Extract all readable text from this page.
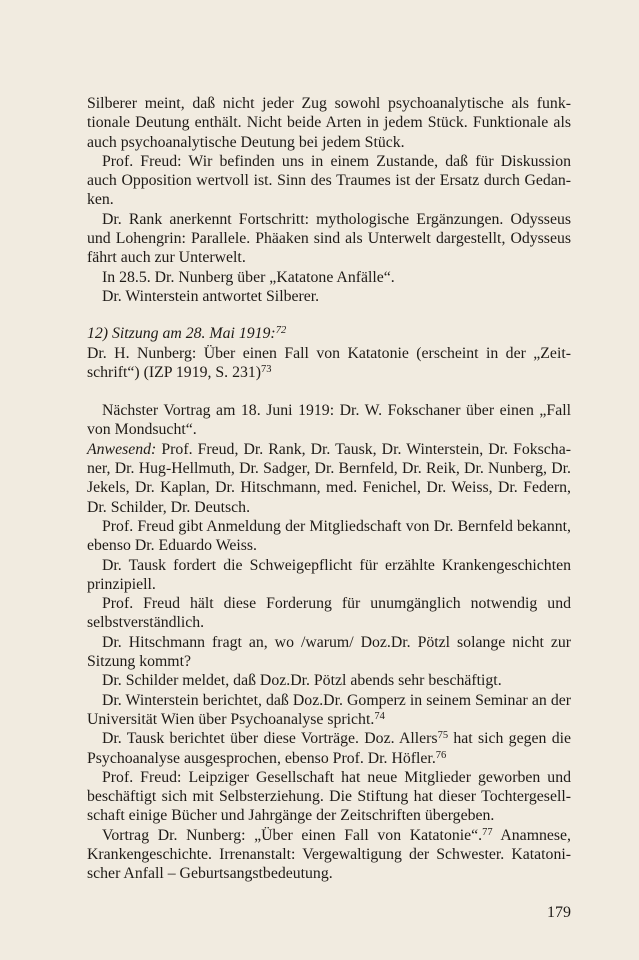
Silberer meint, daß nicht jeder Zug sowohl psychoanalytische als funktionale Deutung enthält. Nicht beide Arten in jedem Stück. Funktionale als auch psychoanalytische Deutung bei jedem Stück.

Prof. Freud: Wir befinden uns in einem Zustande, daß für Diskussion auch Opposition wertvoll ist. Sinn des Traumes ist der Ersatz durch Gedanken.

Dr. Rank anerkennt Fortschritt: mythologische Ergänzungen. Odysseus und Lohengrin: Parallele. Phäaken sind als Unterwelt dargestellt, Odysseus fährt auch zur Unterwelt.

In 28.5. Dr. Nunberg über „Katatone Anfälle“.

Dr. Winterstein antwortet Silberer.

12) Sitzung am 28. Mai 1919:$^{72}$

Dr. H. Nunberg: Über einen Fall von Katatonie (erscheint in der „Zeitschrift“) (IZP 1919, S. 231)$^{73}$

Nächster Vortrag am 18. Juni 1919: Dr. W. Fokschaner über einen „Fall von Mondsucht“.

Anwesend: Prof. Freud, Dr. Rank, Dr. Tausk, Dr. Winterstein, Dr. Fokschaner, Dr. Hug-Hellmuth, Dr. Sadger, Dr. Bernfeld, Dr. Reik, Dr. Nunberg, Dr. Jekels, Dr. Kaplan, Dr. Hitschmann, med. Fenichel, Dr. Weiss, Dr. Federn, Dr. Schilder, Dr. Deutsch.

Prof. Freud gibt Anmeldung der Mitgliedschaft von Dr. Bernfeld bekannt, ebenso Dr. Eduardo Weiss.

Dr. Tausk fordert die Schweigepflicht für erzählte Krankengeschichten prinzipiell.

Prof. Freud hält diese Forderung für unumgänglich notwendig und selbstverständlich.

Dr. Hitschmann fragt an, wo /warum/ Doz.Dr. Pötzl solange nicht zur Sitzung kommt?

Dr. Schilder meldet, daß Doz.Dr. Pötzl abends sehr beschäftigt.

Dr. Winterstein berichtet, daß Doz.Dr. Gomperz in seinem Seminar an der Universität Wien über Psychoanalyse spricht.$^{74}$

Dr. Tausk berichtet über diese Vorträge. Doz. Allers$^{75}$ hat sich gegen die Psychoanalyse ausgesprochen, ebenso Prof. Dr. Höfler.$^{76}$

Prof. Freud: Leipziger Gesellschaft hat neue Mitglieder geworben und beschäftigt sich mit Selbsterziehung. Die Stiftung hat dieser Tochtergesellschaft einige Bücher und Jahrgänge der Zeitschriften übergeben.

Vortrag Dr. Nunberg: „Über einen Fall von Katatonie“.$^{77}$ Anamnese, Krankengeschichte. Irrenanstalt: Vergewaltigung der Schwester. Katatonischer Anfall – Geburtsangstbedeutung.

179
